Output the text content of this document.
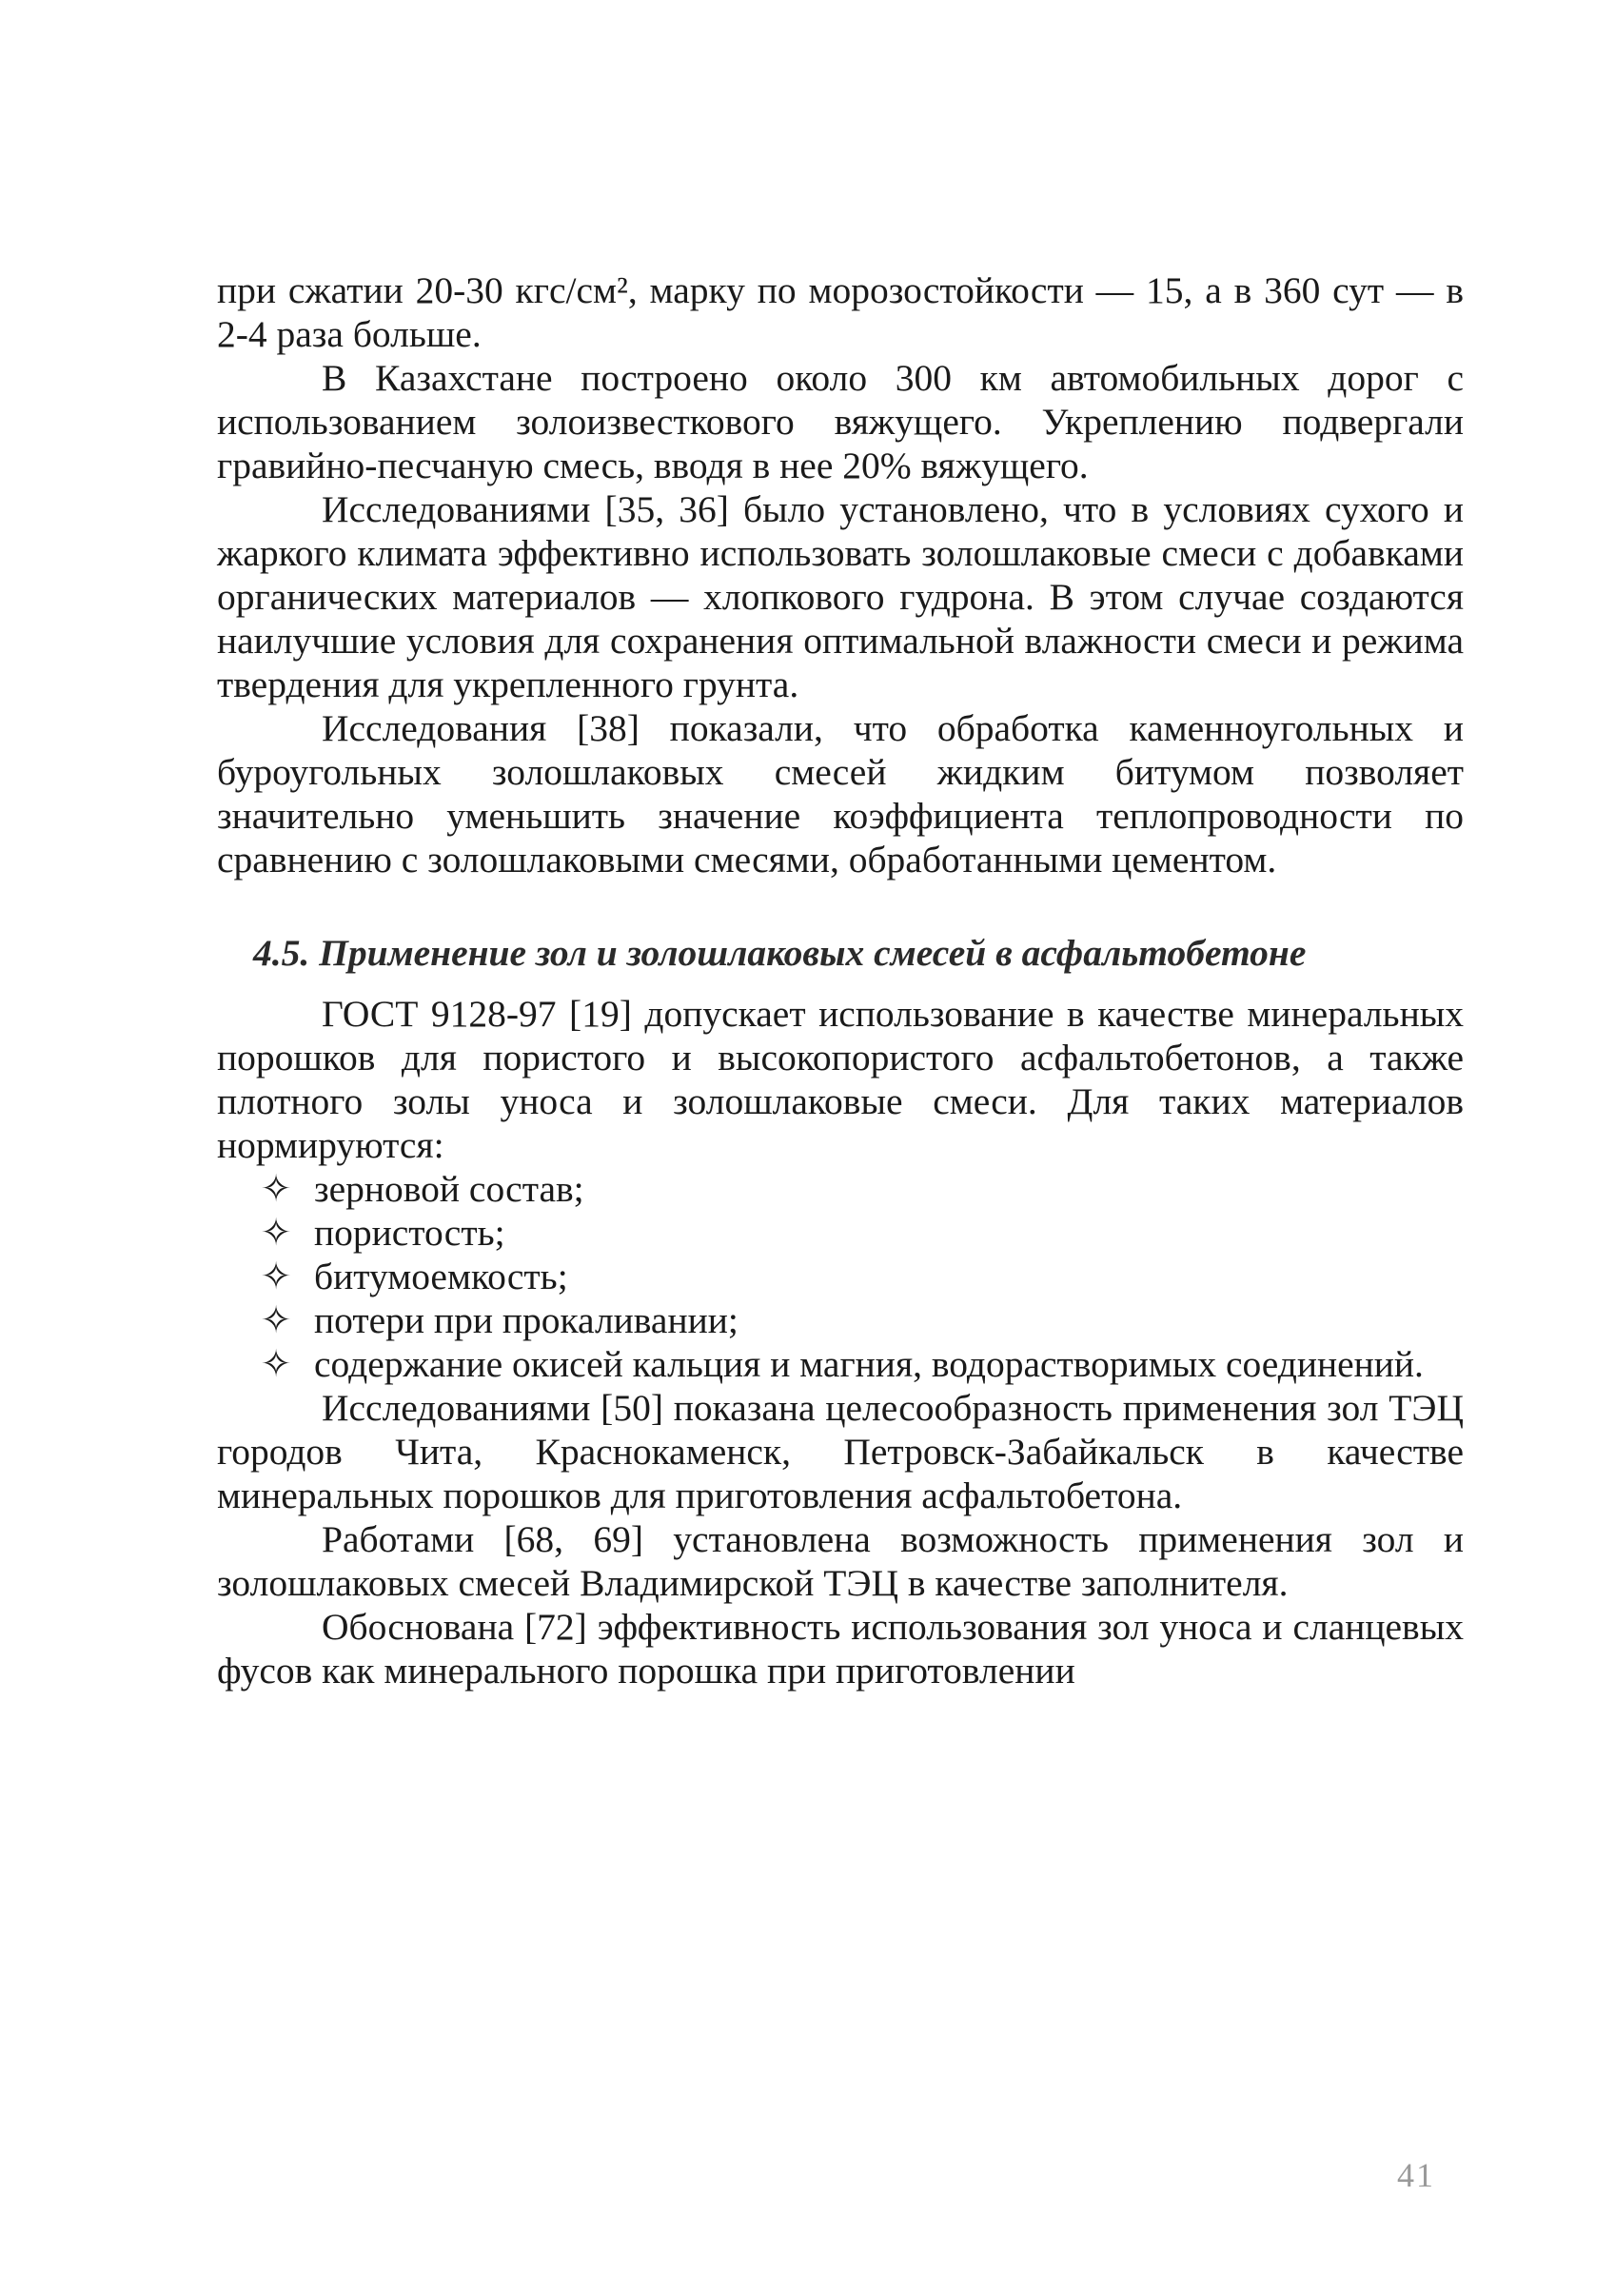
при сжатии 20-30 кгс/см², марку по морозостойкости — 15, а в 360 сут — в 2-4 раза больше.

В Казахстане построено около 300 км автомобильных дорог с использованием золоизвесткового вяжущего. Укреплению подвергали гравийно-песчаную смесь, вводя в нее 20% вяжущего.

Исследованиями [35, 36] было установлено, что в условиях сухого и жаркого климата эффективно использовать золошлаковые смеси с добавками органических материалов — хлопкового гудрона. В этом случае создаются наилучшие условия для сохранения оптимальной влажности смеси и режима твердения для укрепленного грунта.

Исследования [38] показали, что обработка каменноугольных и буроугольных золошлаковых смесей жидким битумом позволяет значительно уменьшить значение коэффициента теплопроводности по сравнению с золошлаковыми смесями, обработанными цементом.

4.5. Применение зол и золошлаковых смесей в асфальтобетоне

ГОСТ 9128-97 [19] допускает использование в качестве минеральных порошков для пористого и высокопористого асфальтобетонов, а также плотного золы уноса и золошлаковые смеси. Для таких материалов нормируются:

✧ зерновой состав;
✧ пористость;
✧ битумоемкость;
✧ потери при прокаливании;
✧ содержание окисей кальция и магния, водорастворимых соединений.

Исследованиями [50] показана целесообразность применения зол ТЭЦ городов Чита, Краснокаменск, Петровск-Забайкальск в качестве минеральных порошков для приготовления асфальтобетона.

Работами [68, 69] установлена возможность применения зол и золошлаковых смесей Владимирской ТЭЦ в качестве заполнителя.

Обоснована [72] эффективность использования зол уноса и сланцевых фусов как минерального порошка при приготовлении

41
